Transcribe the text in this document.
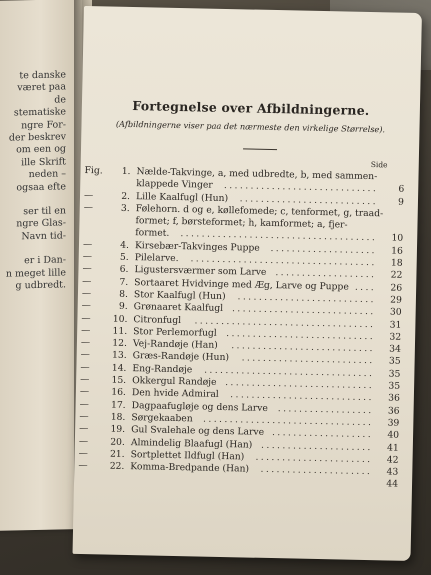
te danske
været paa
de
stematiske
ngre For-
der beskrev
om een og
ille Skrift
neden –
ogsaa efte
ser til en
ngre Glas-
Navn tid-
er i Dan-
n meget lille
g udbredt.
Fortegnelse over Afbildningerne.
(Afbildningerne viser paa det nærmeste den virkelige Størrelse).
Side
Fig.	1. Nælde-Takvinge, a, med udbredte, b, med sammen-
klappede Vinger	.............................	6
—	2. Lille Kaalfugl (Hun)	..........................	9
—	3. Følehorn. d og e, køllefomede; c, tenformet, g, traad-
formet; f, børsteformet; h, kamformet; a, fjer-
formet.	.....................................	10
—	4. Kirsebær-Takvinges Puppe	....................	16
—	5. Pilelarve.	...................................	18
—	6. Ligustersværmer som Larve ...................	22
—	7. Sortaaret Hvidvinge med Æg, Larve og Puppe ....	26
—	8. Stor Kaalfugl (Hun)	..........................	29
—	9. Grønaaret Kaalfugl ...........................	30
—	10. Citronfugl	..................................	31
—	11. Stor Perlemorfugl	............................	32
—	12. Vej-Randøje (Han)	...........................	34
—	13. Græs-Randøje (Hun)	.........................	35
—	14. Eng-Randøje	................................	35
—	15. Okkergul Randøje ............................	35
—	16. Den hvide Admiral	...........................	36
—	17. Dagpaafugløje og dens Larve	..................	36
—	18. Sørgekaaben	................................	39
—	19. Gul Svalehale og dens Larve ...................	40
—	20. Almindelig Blaafugl (Han) .....................	41
—	21. Sortplettet Ildfugl (Han)	......................	42
—	22. Komma-Bredpande (Han)	.....................	43
44
